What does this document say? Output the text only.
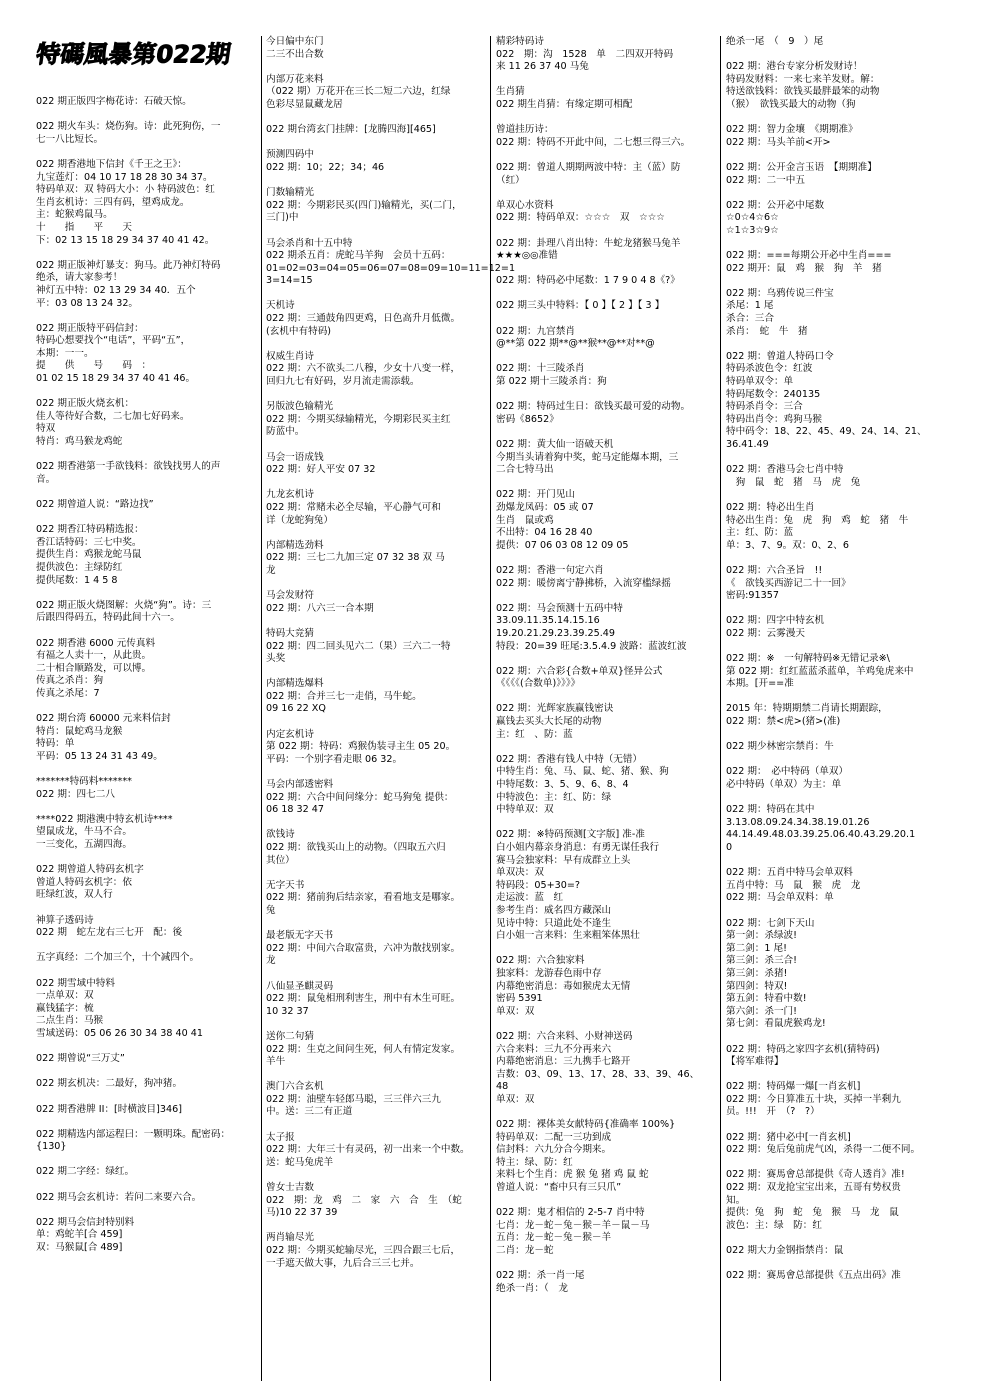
特碼風暴第022期
022 期正版四字梅花诗：石破天惊。
022 期火车头：烧伤狗。诗：此死狗伤，一
七一八比短长。
022 期香港地下信封《千王之王》：
九宝莲灯：04 10 17 18 28 30 34 37。
特码单双：双 特码大小：小 特码波色：红
生肖玄机诗：三四有码，望鸡成龙。
主：蛇猴鸡鼠马。
十　　指　　平　　天
下：02 13 15 18 29 34 37 40 41 42。
022 期正版神灯暴支：狗马。此乃神灯特码
绝杀，请大家参考！
神灯五中特：02 13 29 34 40．五个
平：03 08 13 24 32。
022 期正版特平码信封：
特码心想要找个“电话”，平码“五”，
本期：一一。
提　　供　　号　　码　：
01 02 15 18 29 34 37 40 41 46。
022 期正版火烧玄机：
佳人等待好合数，二七加七好码来。
特双
特肖：鸡马猴龙鸡蛇
022 期香港第一手欲钱料：欲钱找男人的声
音。
022 期曾道人说：“路边找”
022 期香江特码精选报：
香江话特码：三七中奖。
提供生肖：鸡猴龙蛇马鼠
提供波色：主绿防红
提供尾数：1 4 5 8
022 期正版火烧图解：火烧“狗”。诗：三
后跟四得码五，特码此间十六一。
022 期香港 6000 元传真料
有福之人卖十一，从此贵。
二十相合顺路发，可以博。
传真之杀肖：狗
传真之杀尾：7
022 期台湾 60000 元来料信封
特肖：鼠蛇鸡马龙猴
特码：单
平码：05 13 24 31 43 49。
*******特码料*******
022 期：四七二八
****022 期港澳中特玄机诗****
望鼠成龙，牛马不合。
一三变化，五湖四海。
022 期曾道人特码玄机字
曾道人特码玄机字：依
旺绿红波，双人行
神算子透码诗
022 期　蛇左龙右三七开　配：後
五字真经：二个加三个，十个减四个。
022 期雪域中特料
一点单双：双
赢钱猛字：梳
二点生肖：马猴
雪域送码：05 06 26 30 34 38 40 41
022 期曾说“三万丈”
022 期玄机决：二最好，狗冲猪。
022 期香港牌 II：[时横波目]346]
022 期精选内部运程曰：一颗明珠。配密码：
{130}
022 期二字经：绿红。
022 期马会玄机诗：若问二来要六合。
022 期马会信封特别料
单：鸡蛇羊[合 459]
双：马猴鼠[合 489]
今日偏中东门
二三不出合数
内部万花来料
（022 期）万花开在三长二短二六边，红绿
色彩尽显鼠藏龙居
022 期台湾玄门挂牌：[龙腾四海][465]
预测四码中
022 期：10；22；34；46
门数输精光
022 期：今期彩民买(四门)输精光，买(二门，
三门)中
马会杀肖和十五中特
022 期杀五肖：虎蛇马羊狗　会员十五码：
01=02=03=04=05=06=07=08=09=10=11=12=1
3=14=15
天机诗
022 期：三通鼓角四更鸡，日色高升月低微。
(玄机中有特码)
权威生肖诗
022 期：六不欲头二八穆，少女十八变一样，
回归九七有好码，岁月流走需添载。
另版波色输精光
022 期：今期买绿输精光，今期彩民买主红
防蓝中。
马会一语成钱
022 期：好人平安 07 32
九龙玄机诗
022 期：常赌未必全尽输，平心静气可和
详（龙蛇狗兔）
内部精选劲料
022 期：三七二九加三定 07 32 38 双 马
龙
马会发财符
022 期：八六三一合本期
特码大竞猜
022 期：四二回头见六二（果）三六二一特
头奖
内部精选爆料
022 期：合并三七一走俏，马牛蛇。
09 16 22 XQ
内定玄机诗
第 022 期：特码：鸡猴伪装寻主生 05 20。
平码：一个别字看走眼 06 32。
马会内部透密料
022 期：六合中间问缘分：蛇马狗兔 提供：
06 18 32 47
欲钱诗
022 期：欲钱买山上的动物。（四取五六归
其位）
无字天书
022 期：猪前狗后结亲家，看看地支是哪家。
兔
最老版无字天书
022 期：中间六合取富贵，六冲为散找别家。
龙
八仙显圣麒灵码
022 期：鼠兔相刑利害生，刑中有木生可旺。
10 32 37
送你二句猜
022 期：生克之间问生死，何人有情定发家。
羊牛
澳门六合玄机
022 期：油壁车轻郎马聪，三三伴六三九
中。送：三二有正道
太子报
022 期：大年三十有灵码，初一出来一个中数。
送：蛇马兔虎羊
曾女士吉数
022　期：龙　鸡　二　家　六　合　生　（蛇
马)10 22 37 39
两肖输尽光
022 期：今期买蛇输尽光，三四合跟三七后，
一手遮天做大事，九后合三三七并。
精彩特码诗
022　期：沟　1528　单　二四双开特码
来 11 26 37 40 马兔
生肖猜
022 期生肖猜：有缘定期可相配
曾道挂历诗：
022 期：特码不开此中间，二七想三得三六。
022 期：曾道人期期两波中特：主（蓝）防
（红）
单双心水资料
022 期：特码单双：☆☆☆　双　☆☆☆
022 期：卦理八肖出特：牛蛇龙猪猴马兔羊
★★★◎◎准错
022 期：特码必中尾数：1 7 9 0 4 8《?》
022 期三头中特料：【 0 】【 2 】【 3 】
022 期：九宫禁肖
@**第 022 期**@**猴**@**对**@
022 期：十三陵杀肖
第 022 期十三陵杀肖：狗
022 期：特码过生日：欲钱买最可爱的动物。
密码《8652》
022 期：黄大仙一语破天机
今期当头请着狗中奖，蛇马定能爆本期，三
二合七特马出
022 期：开门见山
劲爆龙凤码：05 或 07
生肖　鼠或鸡
不出特：04 16 28 40
提供：07 06 03 08 12 09 05
022 期：香港一句定六肖
022 期：暖傍离宁静拂桥，入流穿槛绿摇
022 期：马会预测十五码中特
33.09.11.35.14.15.16
19.20.21.29.23.39.25.49
特段：20=39 旺尾:3.5.4.9 波路：蓝波红波
022 期：六合彩{合数+单双}怪异公式
《《《《(合数单)》》》》
022 期：光辉家族赢钱密诀
赢钱去买头大长尾的动物
主：红　、防：蓝
022 期：香港有钱人中特（无错）
中特生肖：兔、马、鼠、蛇、猪、猴、狗
中特尾数：3、5、9、6、8、4
中特波色：主：红、防：绿
中特单双：双
022 期：※特码预测[文字版] 准-准
白小姐内幕亲身消息：有勇无谋任我行
赛马会独家料：早有成群立上头
单双决：双
特码段：05+30=?
走运波：蓝　红
参考生肖：威名四方藏深山
见诗中特：只道此处不逢生
白小姐一言来料：生来粗笨体黑壮
022 期：六合独家料
独家料：龙游春色雨中存
内幕绝密消息：毒如猴虎太无情
密码 5391
单双：双
022 期：六合来料、小财神送码
六合来料：三九不分再来六
内幕绝密消息：三九携手七路开
吉数：03、09、13、17、28、33、39、46、
48
单双：双
022 期：裸体美女献特码{准确率 100%}
特码单双：二配一三功到成
信封料：六九分合今期来。
特主：绿、防：红
来料七个生肖：虎 猴 兔 猪 鸡 鼠 蛇
曾道人说：“畜中只有三只爪”
022 期：鬼才相信的 2-5-7 肖中特
七肖：龙－蛇－兔－猴－羊－鼠－马
五肖：龙－蛇－兔－猴－羊
二肖：龙－蛇
022 期：杀一肖一尾
绝杀一肖：（　龙
绝杀一尾　（　9　）尾
022 期：港台专家分析发财诗！
特码发财料：一来七来羊发财。解：
特送欲钱料：欲钱买最胖最笨的动物
（猴）　欲钱买最大的动物（狗
022 期：智力金壤　《期期准》
022 期：马头羊前<开>
022 期：公开金言玉语　【期期准】
022 期：二一中五
022 期：公开必中尾数
☆0☆4☆6☆
☆1☆3☆9☆
022 期：===每期公开必中生肖===
022 期开：鼠　鸡　猴　狗　羊　猪
022 期：乌鸦传说三件宝
杀尾：1 尾
杀合：三合
杀肖：　蛇　牛　猪
022 期：曾道人特码口令
特码杀波色令：红波
特码单双令：单
特码尾数令：240135
特码杀肖令：三合
特码出肖令：鸡狗马猴
特中码令：18、22、45、49、24、14、21、
36.41.49
022 期：香港马会七肖中特
　狗　鼠　蛇　猪　马　虎　兔
022 期：特必出生肖
特必出生肖：兔　虎　狗　鸡　蛇　猪　牛
主：红、防：蓝
单：3、7、9。双：0、2、6
022 期：六合圣旨　!!
《　欲钱买西游记二十一回》
密码:91357
022 期：四字中特玄机
022 期：云雾漫天
022 期：※　一句解特码※无错记录※\
第 022 期：红红蓝蓝杀蓝单，羊鸡兔虎来中
本期。[开==准
2015 年：特期期禁二肖请长期跟踪，
022 期：禁<虎>(猪>(准)
022 期少林密宗禁肖：牛
022 期：　必中特码（单双）
必中特码（单双）为主：单
022 期：特码在其中
3.13.08.09.24.34.38.19.01.26
44.14.49.48.03.39.25.06.40.43.29.20.1
0
022 期：五肖中特马会单双料
五肖中特：马　鼠　猴　虎　龙
022 期：马会单双料：单
022 期：七剑下天山
第一剑：杀绿波!
第二剑：1 尾!
第三剑：杀三合!
第三剑：杀猪!
第四剑：特双!
第五剑：特看中数!
第六剑：杀一门!
第七剑：看鼠虎猴鸡龙!
022 期：特码之家四字玄机(猜特码)
【将军难得】
022 期：特码爆一爆[一肖玄机]
022 期：今日算准五十块，买掉一半剩九
员。!!!　开　（?　?）
022 期：猪中必中[一肖玄机]
022 期：兔后兔前虎气凶，杀得一二便不同。
022 期：赛馬會总部提供《奇人透肖》准!
022 期：双龙抢宝宝出来，五哥有势权贵
知。
提供：兔　狗　蛇　兔　猴　马　龙　鼠
波色：主：绿　防：红
022 期大力金钢指禁肖：鼠
022 期：赛馬會总部提供《五点出码》准
